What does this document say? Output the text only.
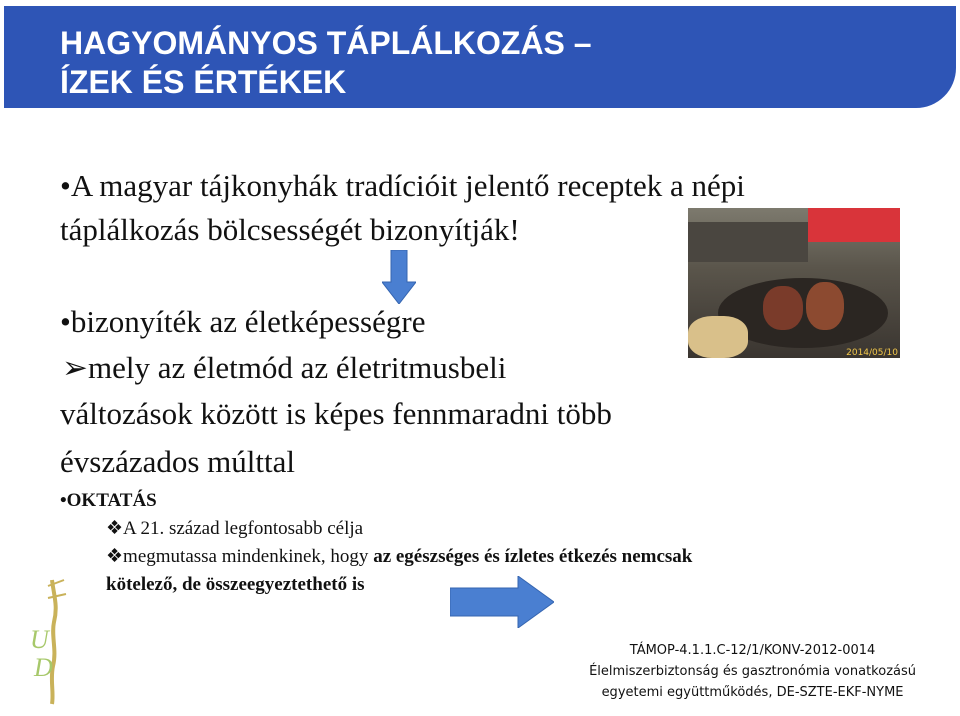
HAGYOMÁNYOS TÁPLÁLKOZÁS –
ÍZEK ÉS ÉRTÉKEK
•A magyar tájkonyhák tradícióit jelentő receptek a népi
táplálkozás bölcsességét bizonyítják!
2014/05/10
•bizonyíték az életképességre
➢mely az életmód az életritmusbeli
változások között is képes fennmaradni több
évszázados múlttal
•OKTATÁS
❖A 21. század legfontosabb célja
❖megmutassa mindenkinek, hogy az egészséges és ízletes étkezés nemcsak
kötelező, de összeegyeztethető is
U
D
TÁMOP-4.1.1.C-12/1/KONV-2012-0014
Élelmiszerbiztonság és gasztronómia vonatkozású
egyetemi együttműködés, DE-SZTE-EKF-NYME
